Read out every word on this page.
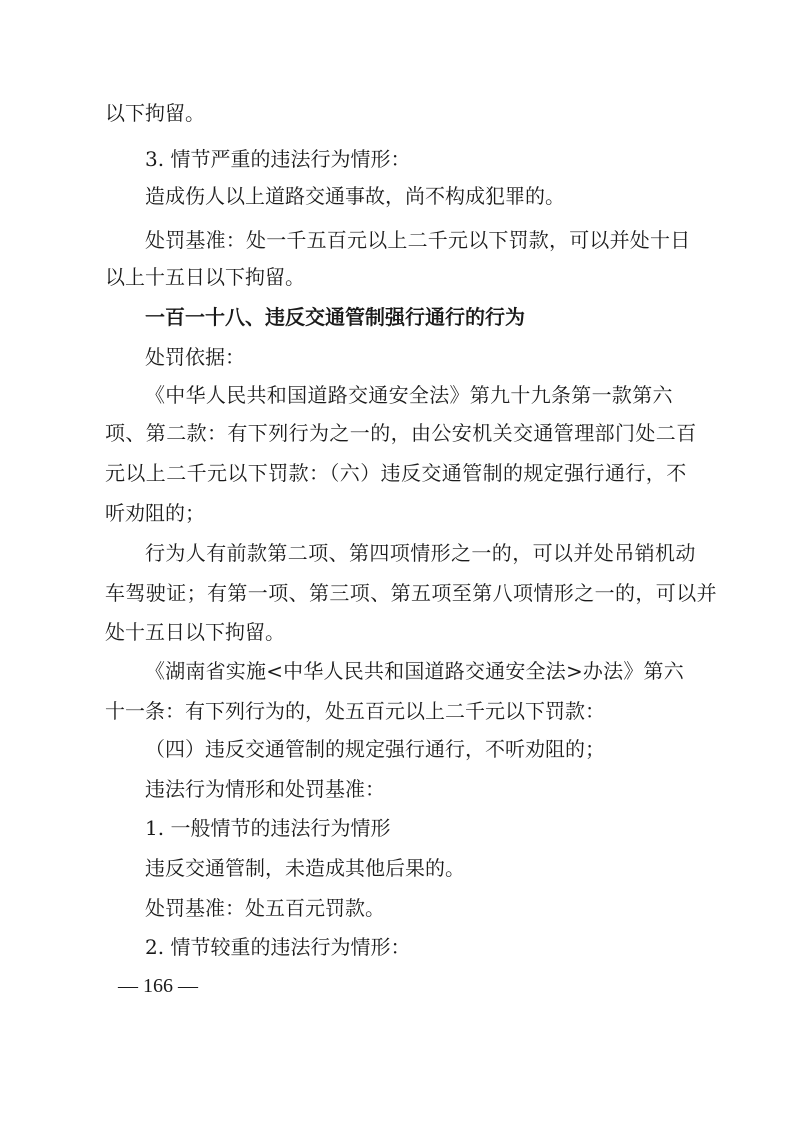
以下拘留。

3. 情节严重的违法行为情形：

造成伤人以上道路交通事故，尚不构成犯罪的。

处罚基准：处一千五百元以上二千元以下罚款，可以并处十日

以上十五日以下拘留。

一百一十八、违反交通管制强行通行的行为

处罚依据：

《中华人民共和国道路交通安全法》第九十九条第一款第六

项、第二款：有下列行为之一的，由公安机关交通管理部门处二百

元以上二千元以下罚款：（六）违反交通管制的规定强行通行，不

听劝阻的；

行为人有前款第二项、第四项情形之一的，可以并处吊销机动

车驾驶证；有第一项、第三项、第五项至第八项情形之一的，可以并

处十五日以下拘留。

《湖南省实施<中华人民共和国道路交通安全法>办法》第六

十一条：有下列行为的，处五百元以上二千元以下罚款：

（四）违反交通管制的规定强行通行，不听劝阻的；

违法行为情形和处罚基准：

1. 一般情节的违法行为情形

违反交通管制，未造成其他后果的。

处罚基准：处五百元罚款。

2. 情节较重的违法行为情形：

— 166 —
